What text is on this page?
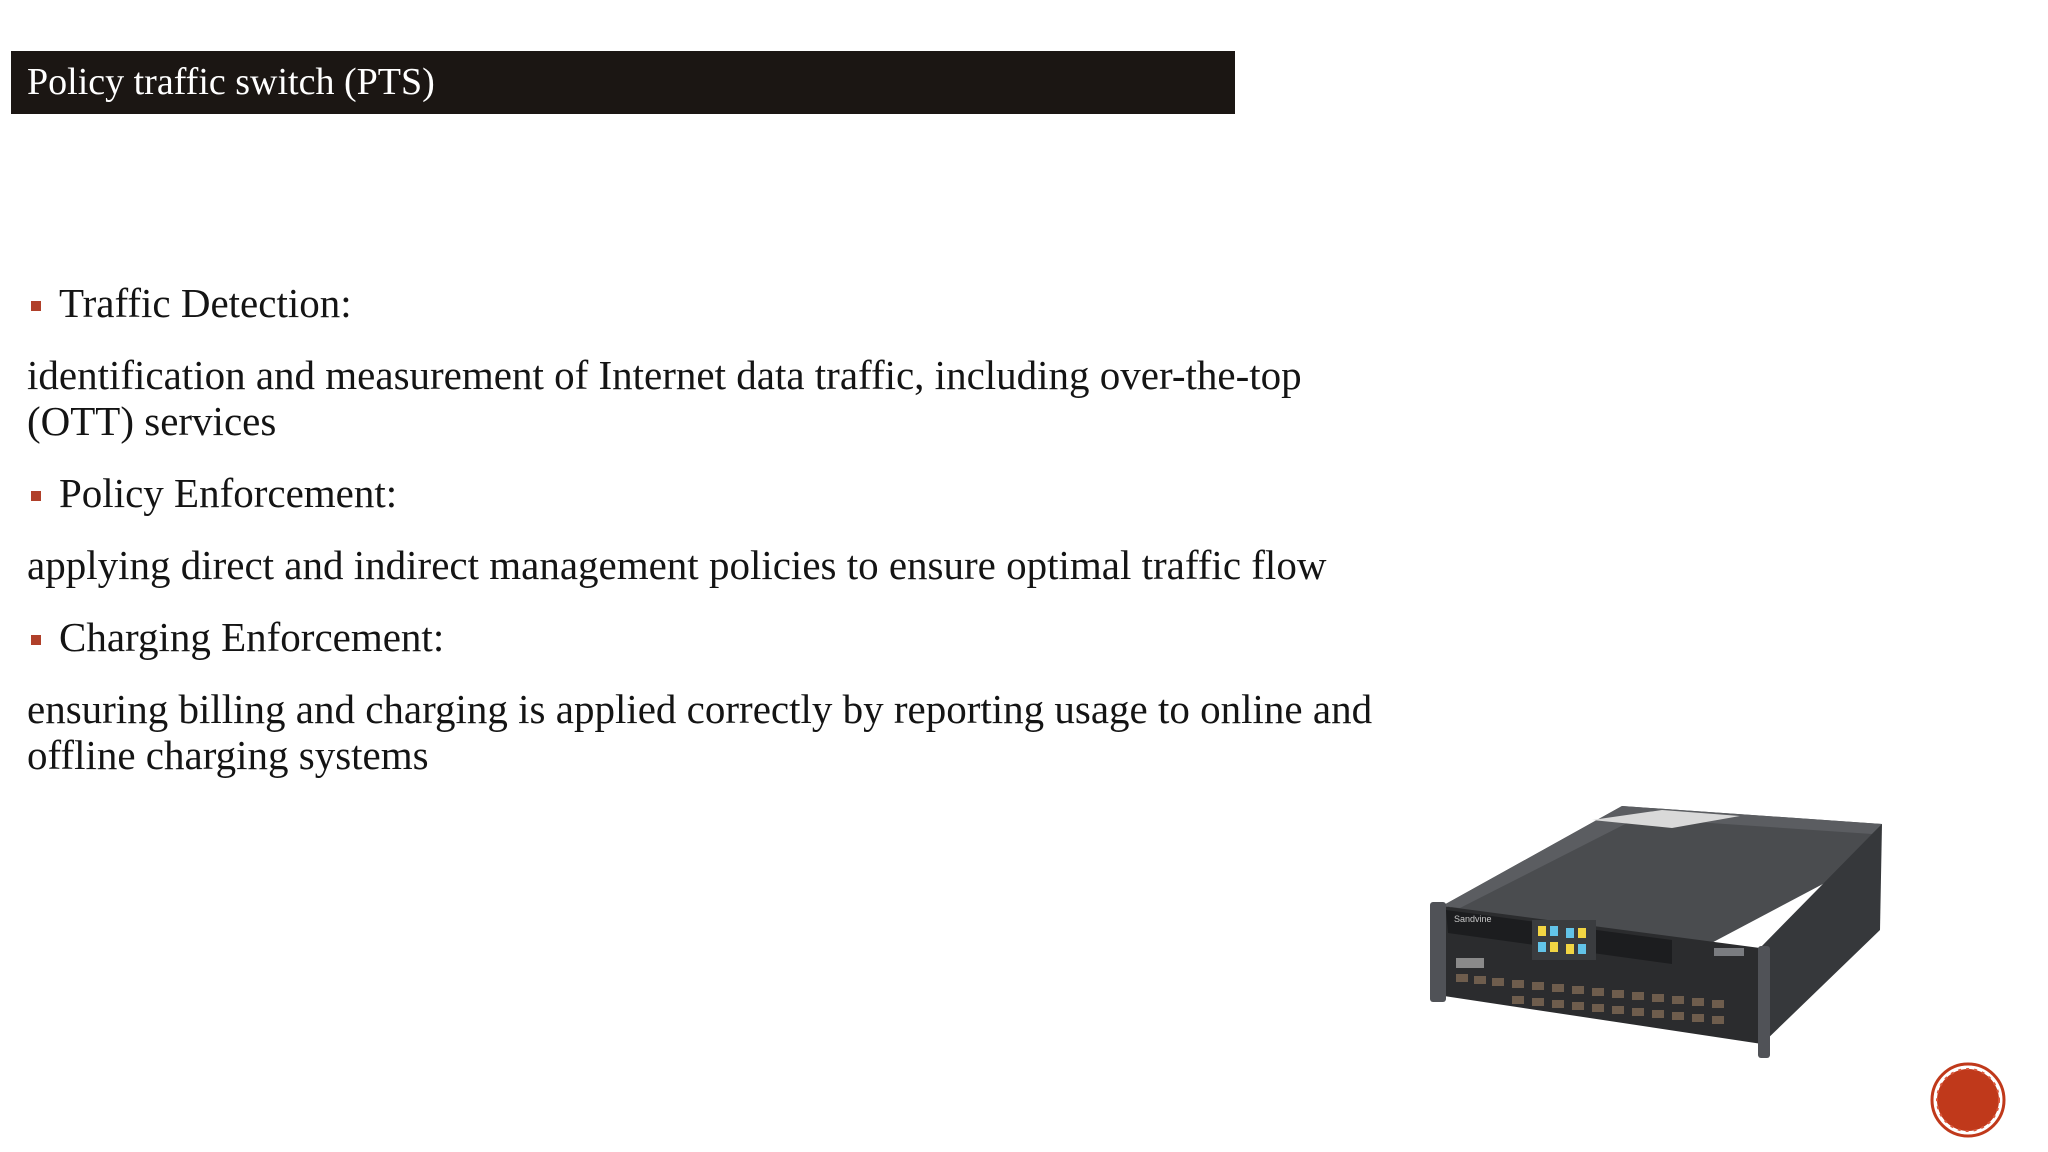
Policy traffic switch (PTS)
Traffic Detection:
identification and measurement of Internet data traffic, including over-the-top
(OTT) services
Policy Enforcement:
applying direct and indirect management policies to ensure optimal traffic flow
Charging Enforcement:
ensuring billing and charging is applied correctly by reporting usage to online and
offline charging systems
Sandvine
